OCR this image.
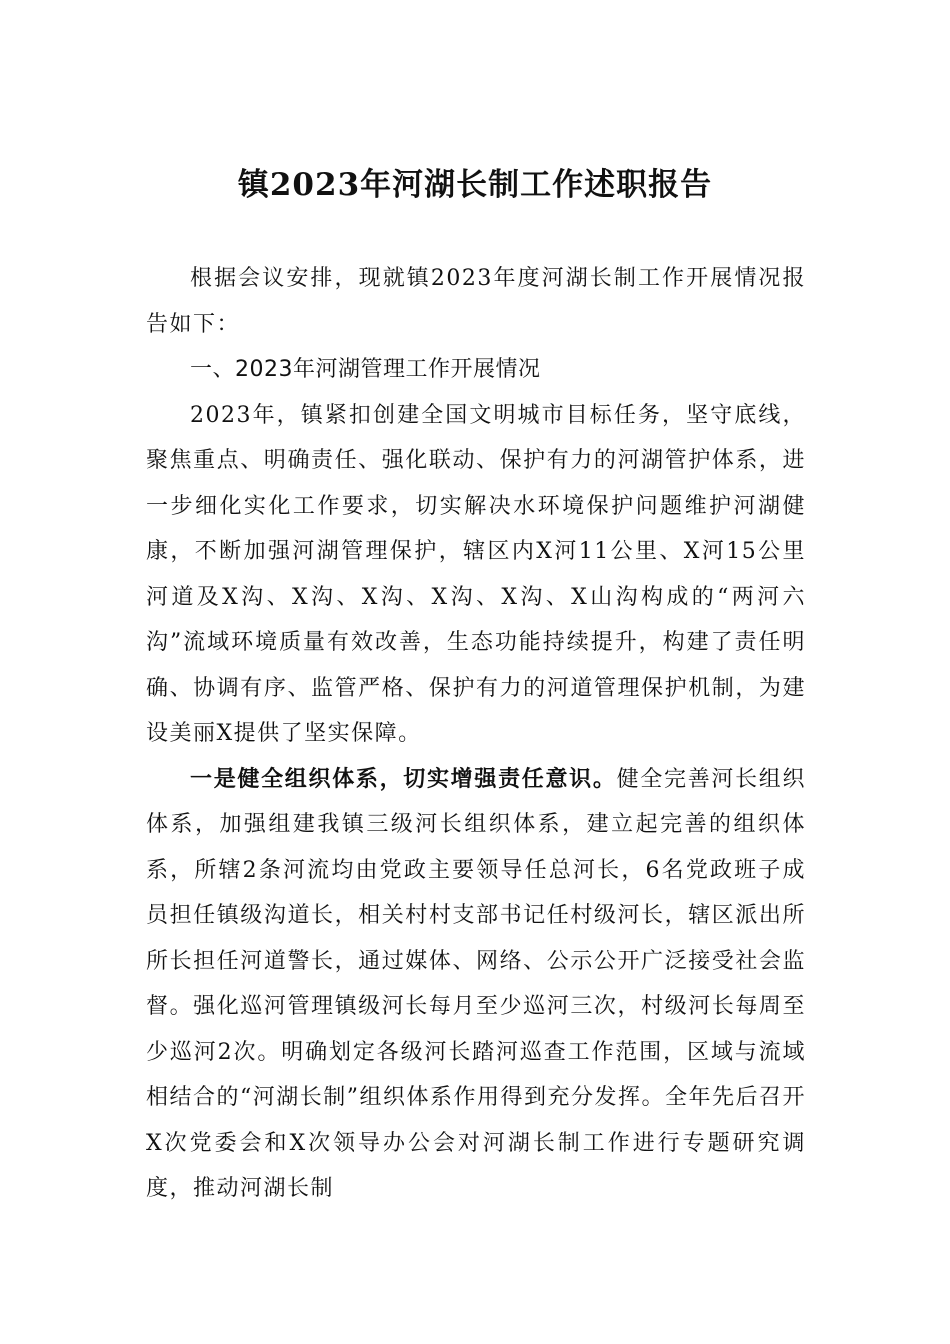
镇2023年河湖长制工作述职报告

根据会议安排，现就镇2023年度河湖长制工作开展情况报告如下：

一、2023年河湖管理工作开展情况

2023年，镇紧扣创建全国文明城市目标任务，坚守底线，聚焦重点、明确责任、强化联动、保护有力的河湖管护体系，进一步细化实化工作要求，切实解决水环境保护问题维护河湖健康，不断加强河湖管理保护，辖区内X河11公里、X河15公里河道及X沟、X沟、X沟、X沟、X沟、X山沟构成的“两河六沟”流域环境质量有效改善，生态功能持续提升，构建了责任明确、协调有序、监管严格、保护有力的河道管理保护机制，为建设美丽X提供了坚实保障。

一是健全组织体系，切实增强责任意识。健全完善河长组织体系，加强组建我镇三级河长组织体系，建立起完善的组织体系，所辖2条河流均由党政主要领导任总河长，6名党政班子成员担任镇级沟道长，相关村村支部书记任村级河长，辖区派出所所长担任河道警长，通过媒体、网络、公示公开广泛接受社会监督。强化巡河管理镇级河长每月至少巡河三次，村级河长每周至少巡河2次。明确划定各级河长踏河巡查工作范围，区域与流域相结合的“河湖长制”组织体系作用得到充分发挥。全年先后召开X次党委会和X次领导办公会对河湖长制工作进行专题研究调度，推动河湖长制
